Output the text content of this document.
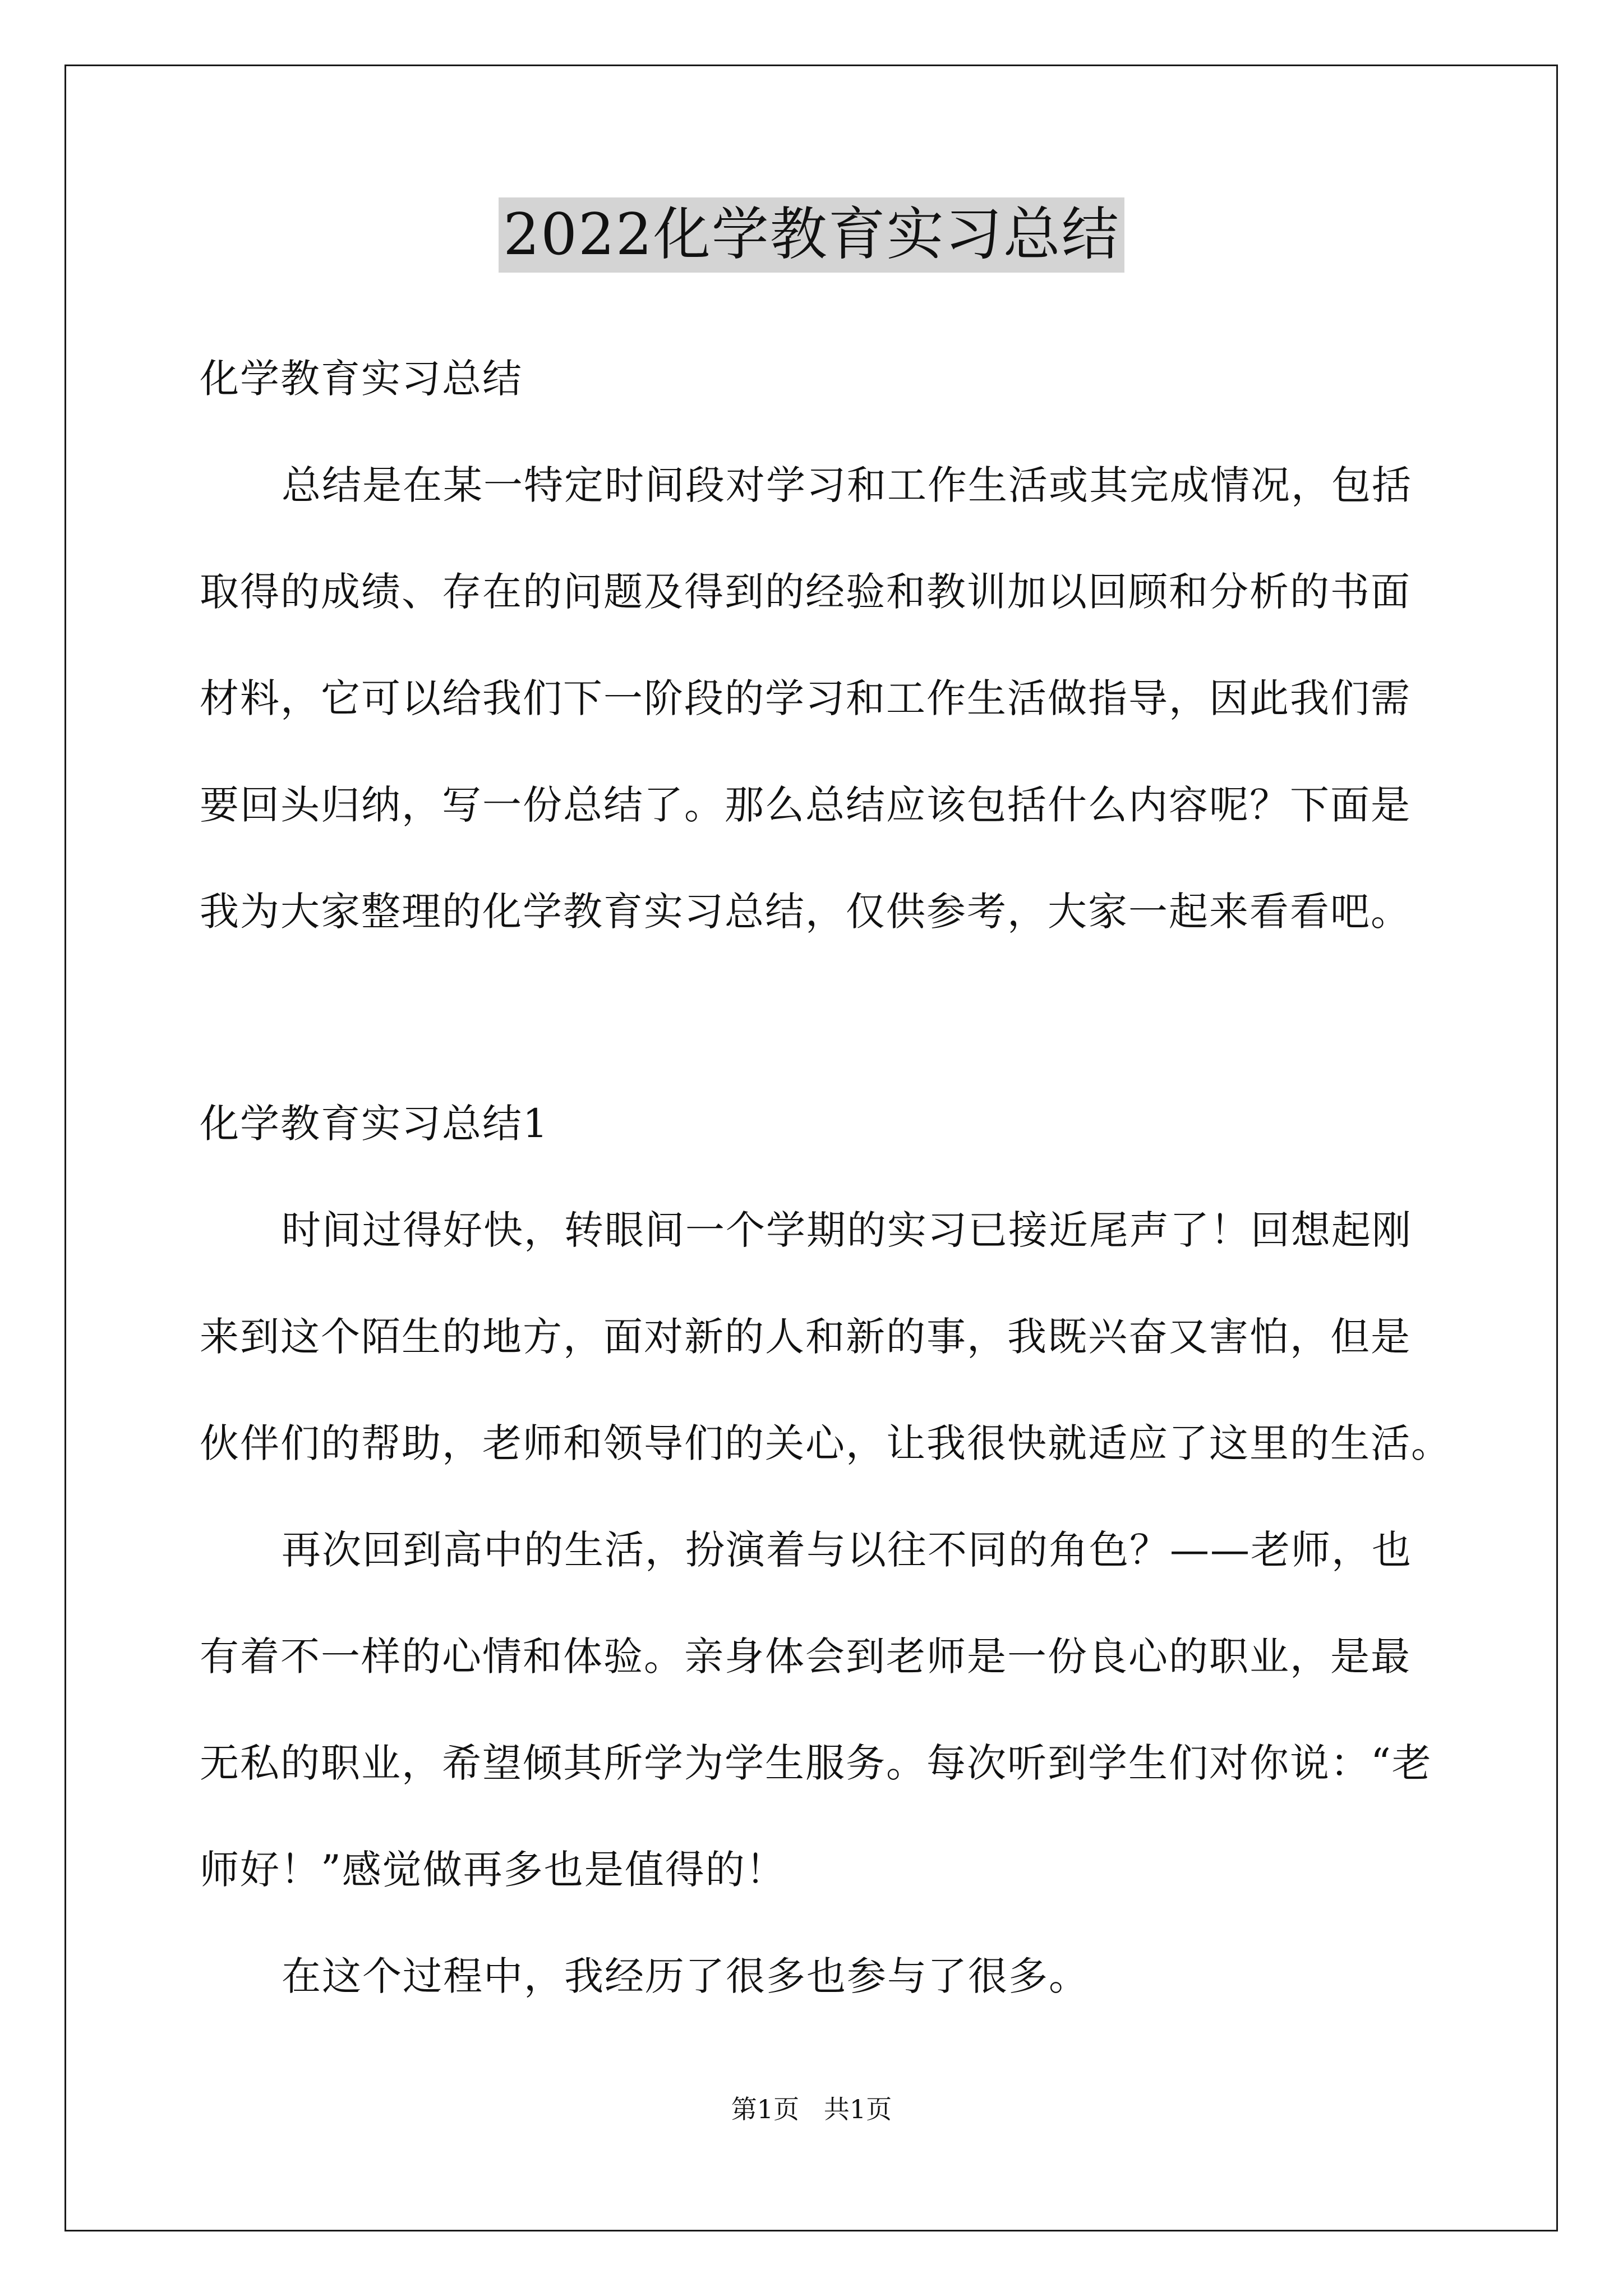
2022化学教育实习总结
化学教育实习总结
总结是在某一特定时间段对学习和工作生活或其完成情况，包括
取得的成绩、存在的问题及得到的经验和教训加以回顾和分析的书面
材料，它可以给我们下一阶段的学习和工作生活做指导，因此我们需
要回头归纳，写一份总结了。那么总结应该包括什么内容呢？下面是
我为大家整理的化学教育实习总结，仅供参考，大家一起来看看吧。
化学教育实习总结1
时间过得好快，转眼间一个学期的实习已接近尾声了！回想起刚
来到这个陌生的地方，面对新的人和新的事，我既兴奋又害怕，但是
伙伴们的帮助，老师和领导们的关心，让我很快就适应了这里的生活。
再次回到高中的生活，扮演着与以往不同的角色？——老师，也
有着不一样的心情和体验。亲身体会到老师是一份良心的职业，是最
无私的职业，希望倾其所学为学生服务。每次听到学生们对你说：“老
师好！”感觉做再多也是值得的！
在这个过程中，我经历了很多也参与了很多。
第1页   共1页
